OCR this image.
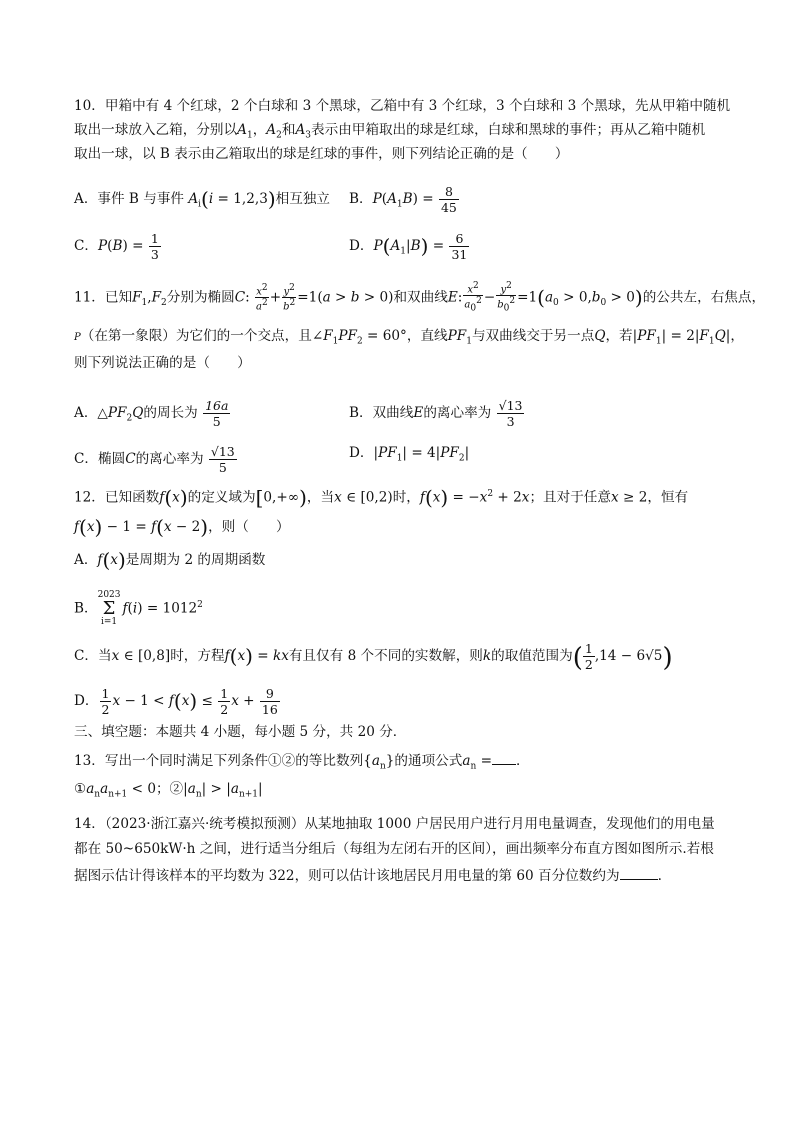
10．甲箱中有 4 个红球，2 个白球和 3 个黑球，乙箱中有 3 个红球，3 个白球和 3 个黑球，先从甲箱中随机
取出一球放入乙箱，分别以$A_1$，$A_2$和$A_3$表示由甲箱取出的球是红球，白球和黑球的事件；再从乙箱中随机
取出一球，以 B 表示由乙箱取出的球是红球的事件，则下列结论正确的是（　　）
A．事件 B 与事件 $A_i(i = 1,2,3)$相互独立 B．$P(A_1B) = \frac{8}{45}$
C．$P(B) = \frac{1}{3}$	D．$P(A_1|B) = \frac{6}{31}$
11．已知$F_1,F_2$分别为椭圆C: $\frac{x^2}{a^2} + \frac{y^2}{b^2} =1(a > b > 0)$和双曲线E: $\frac{x^2}{a_0^2} - \frac{y^2}{b_0^2} =1(a_0 > 0,b_0 > 0)$的公共左，右焦点，
P（在第一象限）为它们的一个交点，且$\angle F_1PF_2 = 60^\circ$，直线$PF_1$与双曲线交于另一点Q，若$|PF_1| = 2|F_1Q|$，
则下列说法正确的是（　　）
A．$\triangle PF_2Q$的周长为 $\frac{16a}{5}$	B．双曲线E的离心率为 $\frac{√13}{3}$
C．椭圆C的离心率为 $\frac{√13}{5}$	D．$|PF_1| = 4|PF_2|$
12．已知函数f(x)的定义域为[0,+∞)，当x ∈ [0,2)时，$f(x) = -x^2 + 2x$；且对于任意x ≥ 2，恒有
f(x) − 1 = f(x − 2)，则（　　）
A．f(x)是周期为 2 的周期函数
B．
2023
Σ
i=1
$f(i) = 1012^2$
C．当x ∈ [0,8]时，方程f(x) = kx有且仅有 8 个不同的实数解，则k的取值范围为( $\frac{1}{2} ,14 - 6√5$)
D． $\frac{1}{2}$ $x - 1 < f(x) \le \frac{1}{2}$ $x + \frac{9}{16}$
三、填空题：本题共 4 小题，每小题 5 分，共 20 分．
13．写出一个同时满足下列条件①②的等比数列$\{a_n\}$的通项公式$a_n$ = ．
$①a_na_{n+1} < 0$；$②|a_n| > |a_{n+1}|$
14．（2023·浙江嘉兴·统考模拟预测）从某地抽取 1000 户居民用户进行月用电量调查，发现他们的用电量
都在 50~650kW·h 之间，进行适当分组后（每组为左闭右开的区间），画出频率分布直方图如图所示.若根
据图示估计得该样本的平均数为 322，则可以估计该地居民月用电量的第 60 百分位数约为	.
